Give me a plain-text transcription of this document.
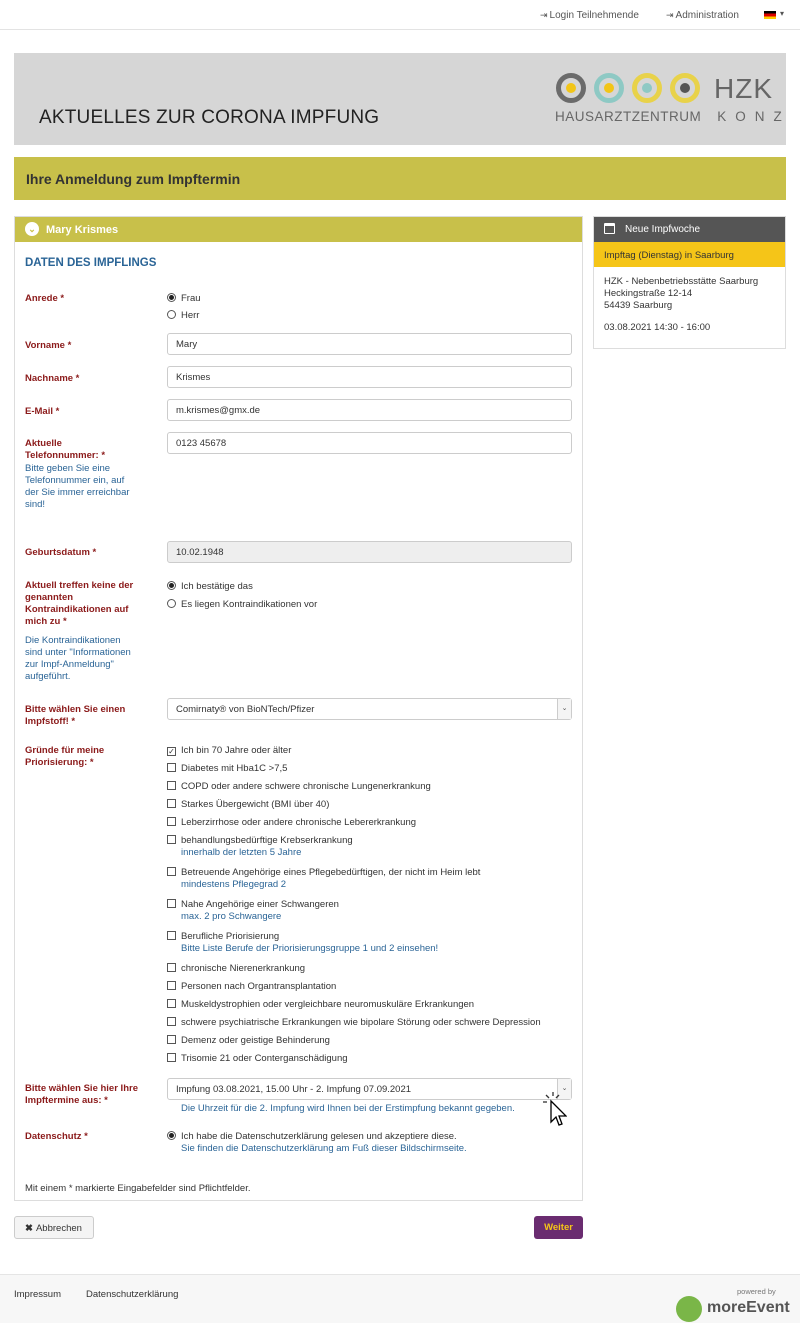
⇥ Login Teilnehmende	⇥ Administration	▾
AKTUELLES ZUR CORONA IMPFUNG
HZK
HAUSARZTZENTRUM KONZ
Ihre Anmeldung zum Impftermin
⌄ Mary Krismes
DATEN DES IMPFLINGS
Anrede *	Frau
Herr
Vorname *	Mary
Nachname *	Krismes
E-Mail *	m.krismes@gmx.de
Aktuelle Telefonnummer: *
Bitte geben Sie eine Telefonnummer ein, auf der Sie immer erreichbar sind!
0123 45678
Geburtsdatum *	10.02.1948
Aktuell treffen keine der genannten Kontraindikationen auf mich zu *
Die Kontraindikationen sind unter "Informationen zur Impf-Anmeldung" aufgeführt.
Ich bestätige das
Es liegen Kontraindikationen vor
Bitte wählen Sie einen Impfstoff! *
Comirnaty® von BioNTech/Pfizer	⌄
Gründe für meine Priorisierung: *
✓ Ich bin 70 Jahre oder älter
Diabetes mit Hba1C >7,5
COPD oder andere schwere chronische Lungenerkrankung
Starkes Übergewicht (BMI über 40)
Leberzirrhose oder andere chronische Lebererkrankung
behandlungsbedürftige Krebserkrankung
innerhalb der letzten 5 Jahre
Betreuende Angehörige eines Pflegebedürftigen, der nicht im Heim lebt
mindestens Pflegegrad 2
Nahe Angehörige einer Schwangeren
max. 2 pro Schwangere
Berufliche Priorisierung
Bitte Liste Berufe der Priorisierungsgruppe 1 und 2 einsehen!
chronische Nierenerkrankung
Personen nach Organtransplantation
Muskeldystrophien oder vergleichbare neuromuskuläre Erkrankungen
schwere psychiatrische Erkrankungen wie bipolare Störung oder schwere Depression
Demenz oder geistige Behinderung
Trisomie 21 oder Conterganschädigung
Bitte wählen Sie hier Ihre Impftermine aus: *
Impfung 03.08.2021, 15.00 Uhr - 2. Impfung 07.09.2021	⌄
Die Uhrzeit für die 2. Impfung wird Ihnen bei der Erstimpfung bekannt gegeben.
Datenschutz *	Ich habe die Datenschutzerklärung gelesen und akzeptiere diese.
Sie finden die Datenschutzerklärung am Fuß dieser Bildschirmseite.
Mit einem * markierte Eingabefelder sind Pflichtfelder.
Neue Impfwoche
Impftag (Dienstag) in Saarburg
HZK - Nebenbetriebsstätte Saarburg
Heckingstraße 12-14
54439 Saarburg
03.08.2021 14:30 - 16:00
✖ Abbrechen	Weiter
Impressum	Datenschutzerklärung	powered by
moreEvent
